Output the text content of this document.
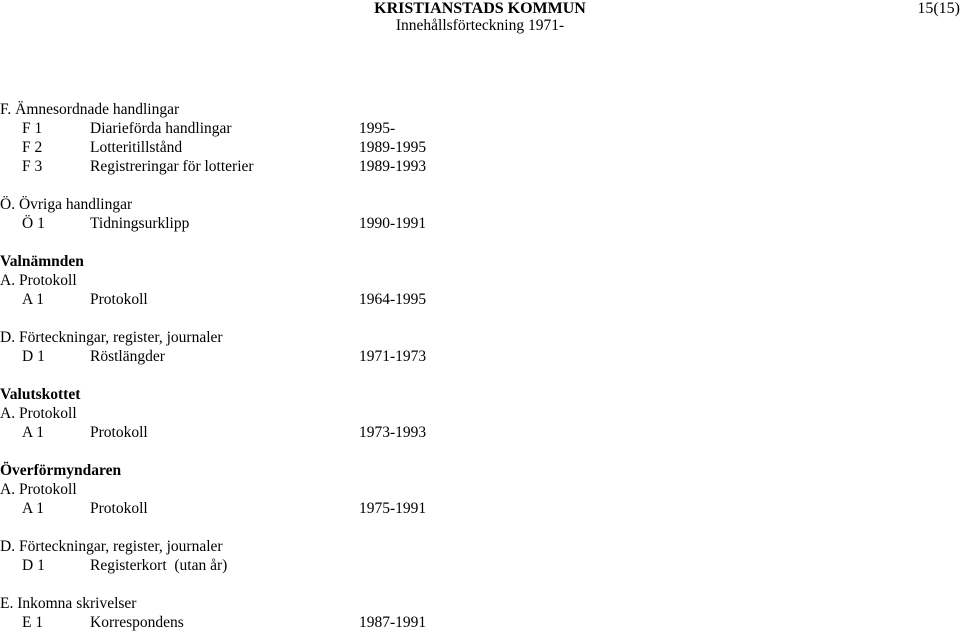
KRISTIANSTADS KOMMUN
Innehållsförteckning 1971-
15(15)
F. Ämnesordnade handlingar
F 1	Diarieförda handlingar	1995-
F 2	Lotteritillstånd	1989-1995
F 3	Registreringar för lotterier	1989-1993
Ö. Övriga handlingar
Ö 1	Tidningsurklipp	1990-1991
Valnämnden
A. Protokoll
A 1	Protokoll	1964-1995
D. Förteckningar, register, journaler
D 1	Röstlängder	1971-1973
Valutskottet
A. Protokoll
A 1	Protokoll	1973-1993
Överförmyndaren
A. Protokoll
A 1	Protokoll	1975-1991
D. Förteckningar, register, journaler
D 1	Registerkort  (utan år)
E. Inkomna skrivelser
E 1	Korrespondens	1987-1991
